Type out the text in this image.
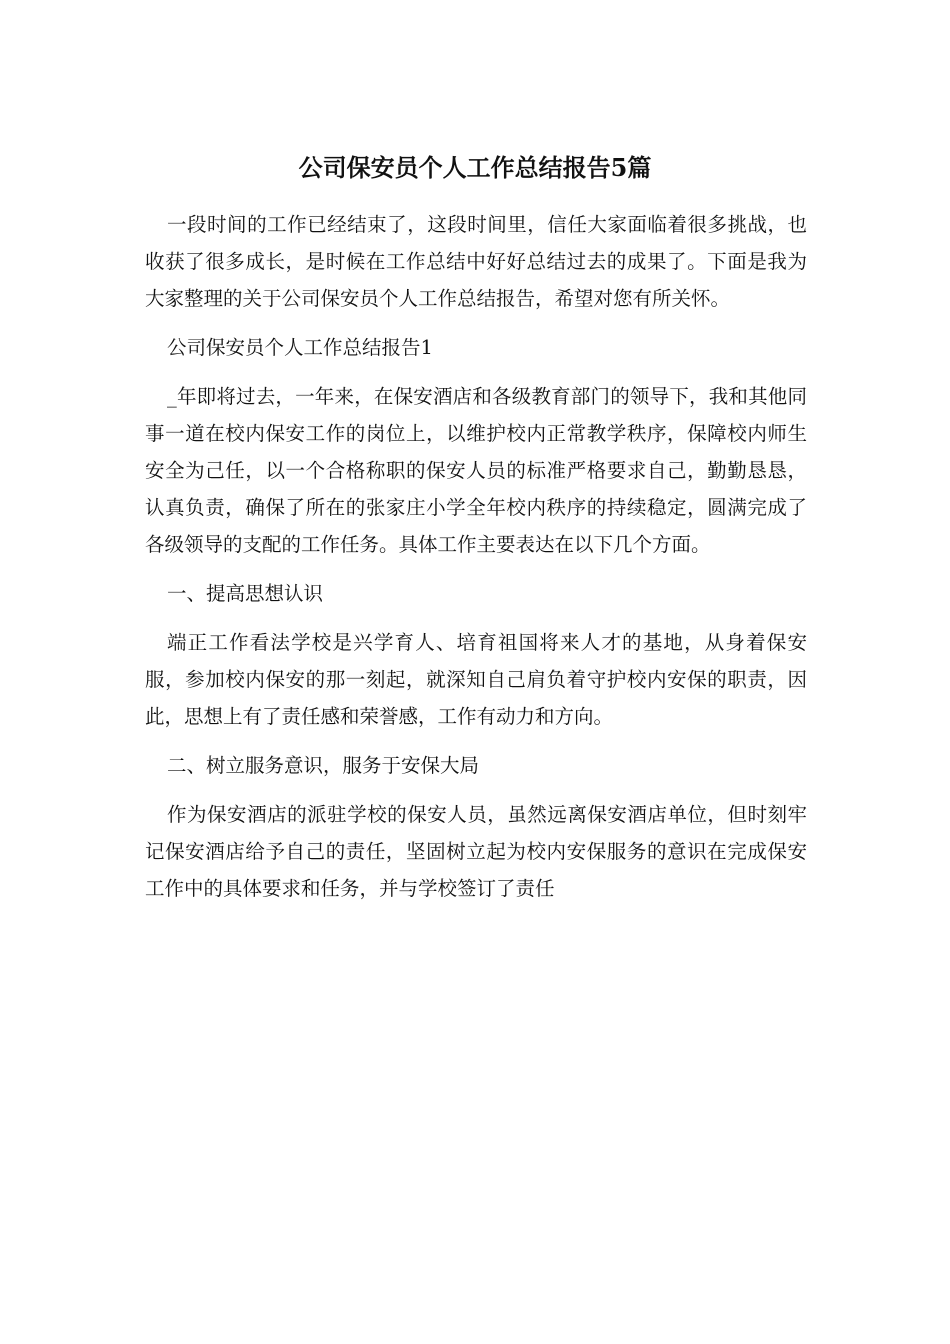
公司保安员个人工作总结报告5篇

一段时间的工作已经结束了，这段时间里，信任大家面临着很多挑战，也收获了很多成长，是时候在工作总结中好好总结过去的成果了。下面是我为大家整理的关于公司保安员个人工作总结报告，希望对您有所关怀。

公司保安员个人工作总结报告1

_年即将过去，一年来，在保安酒店和各级教育部门的领导下，我和其他同事一道在校内保安工作的岗位上，以维护校内正常教学秩序，保障校内师生安全为己任，以一个合格称职的保安人员的标准严格要求自己，勤勤恳恳，认真负责，确保了所在的张家庄小学全年校内秩序的持续稳定，圆满完成了各级领导的支配的工作任务。具体工作主要表达在以下几个方面。

一、提高思想认识

端正工作看法学校是兴学育人、培育祖国将来人才的基地，从身着保安服，参加校内保安的那一刻起，就深知自己肩负着守护校内安保的职责，因此，思想上有了责任感和荣誉感，工作有动力和方向。

二、树立服务意识，服务于安保大局

作为保安酒店的派驻学校的保安人员，虽然远离保安酒店单位，但时刻牢记保安酒店给予自己的责任，坚固树立起为校内安保服务的意识在完成保安工作中的具体要求和任务，并与学校签订了责任
